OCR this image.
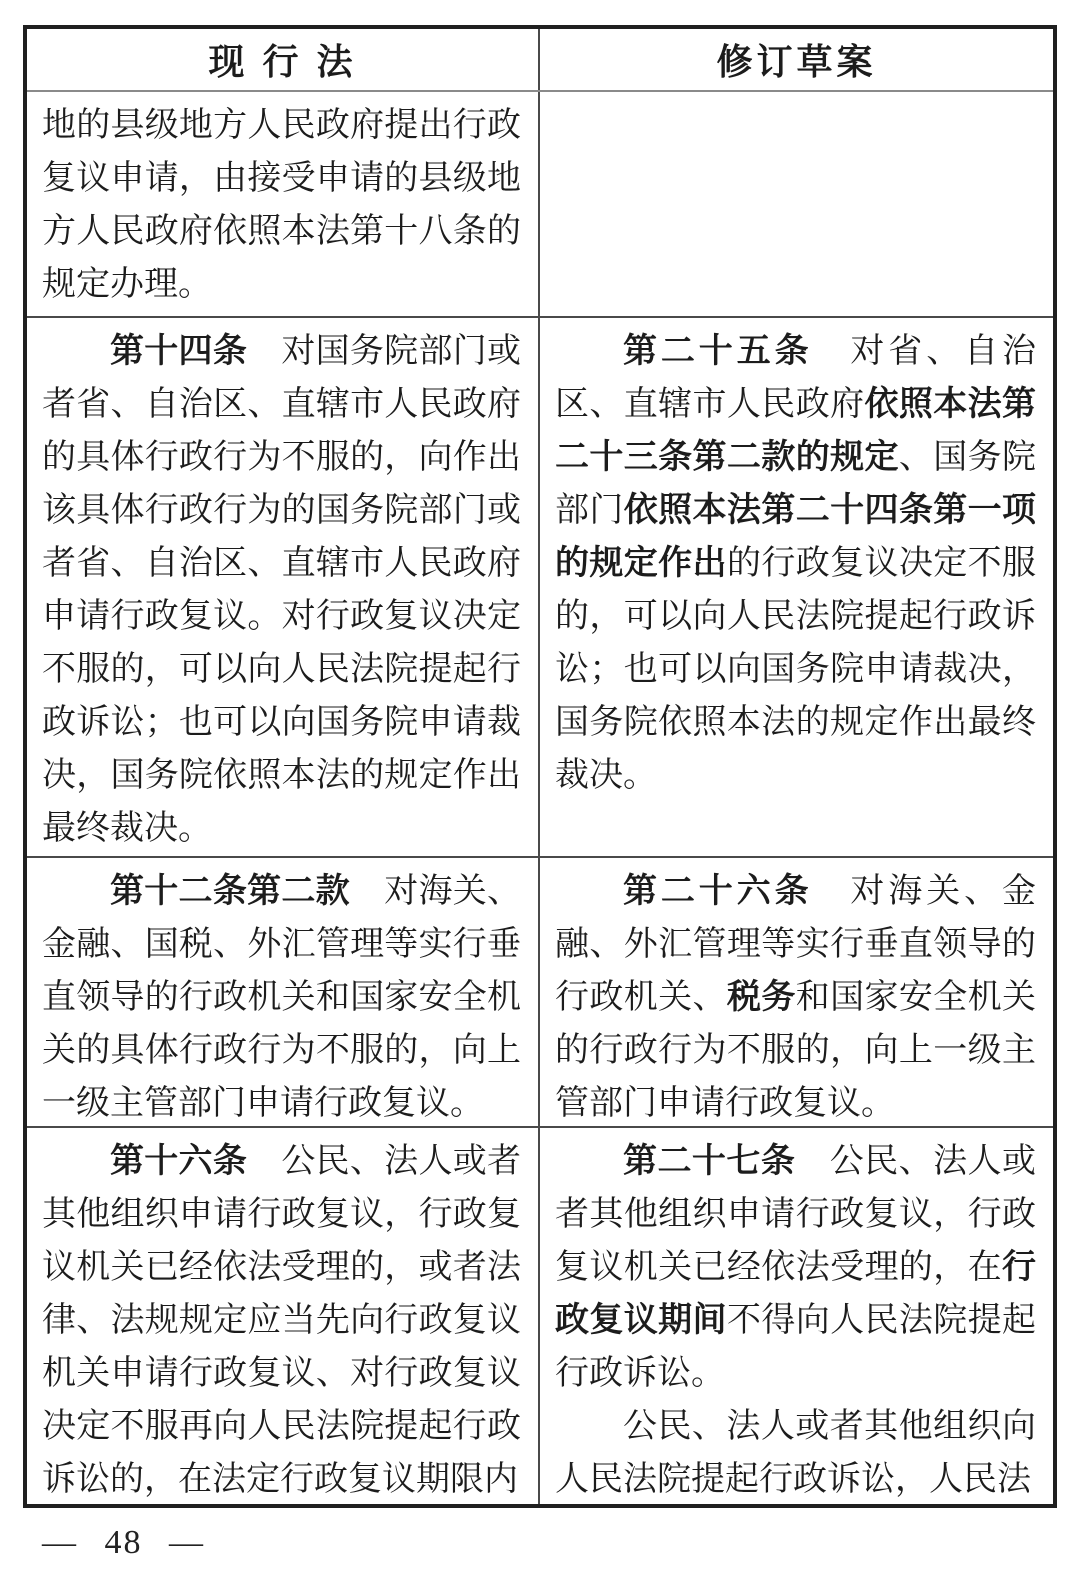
现 行 法	修订草案

地的县级地方人民政府提出行政复议申请，由接受申请的县级地方人民政府依照本法第十八条的规定办理。

第十四条　对国务院部门或者省、自治区、直辖市人民政府的具体行政行为不服的，向作出该具体行政行为的国务院部门或者省、自治区、直辖市人民政府申请行政复议。对行政复议决定不服的，可以向人民法院提起行政诉讼；也可以向国务院申请裁决，国务院依照本法的规定作出最终裁决。

第二十五条　对省、自治区、直辖市人民政府依照本法第二十三条第二款的规定、国务院部门依照本法第二十四条第一项的规定作出的行政复议决定不服的，可以向人民法院提起行政诉讼；也可以向国务院申请裁决，国务院依照本法的规定作出最终裁决。

第十二条第二款　对海关、金融、国税、外汇管理等实行垂直领导的行政机关和国家安全机关的具体行政行为不服的，向上一级主管部门申请行政复议。

第二十六条　对海关、金融、外汇管理等实行垂直领导的行政机关、税务和国家安全机关的行政行为不服的，向上一级主管部门申请行政复议。

第十六条　公民、法人或者其他组织申请行政复议，行政复议机关已经依法受理的，或者法律、法规规定应当先向行政复议机关申请行政复议、对行政复议决定不服再向人民法院提起行政诉讼的，在法定行政复议期限内

第二十七条　公民、法人或者其他组织申请行政复议，行政复议机关已经依法受理的，在行政复议期间不得向人民法院提起行政诉讼。

公民、法人或者其他组织向人民法院提起行政诉讼，人民法

— 48 —
